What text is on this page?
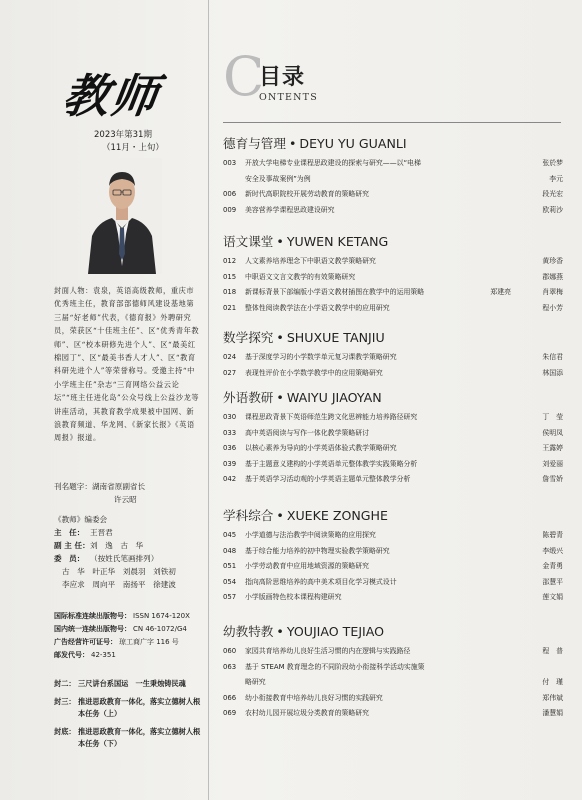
教师
2023年第31期
（11月・上旬）
封面人物：袁泉，英语高级教师，重庆市优秀班主任，教育部部德师风建设基地第三届“好老师”代表，《德育报》外聘研究员，荣获区“十佳班主任”、区“优秀青年教师”、区“校本研修先进个人”、区“最美红棉园丁”、区“最美书香人才人”、区“教育科研先进个人”等荣誉称号。受邀主持“中小学班主任”杂志“三育网络公益云论坛”“班主任进化岛”公众号线上公益沙龙等讲座活动，其教育教学成果被中国网、新浪教育频道、华龙网、《新家长报》《英语周报》报道。
刊名题字：湖南省原副省长
许云昭
《教师》编委会
主　任： 王晋君
副 主 任： 刘　逸　古　华
委　员： （按姓氏笔画排列）
古　华　叶正华　刘晨羽　刘铁初
李应求　周向平　南扬平　徐建波
国际标准连续出版物号： ISSN 1674-120X
国内统一连续出版物号： CN 46-1072/G4
广告经营许可证号： 琼工商广字 116 号
邮发代号： 42-351
封二： 三尺讲台系国运　一生秉烛铸民魂
封三： 推进思政教育一体化，落实立德树人根本任务（上）
封底： 推进思政教育一体化，落实立德树人根本任务（下）
C
目录
ONTENTS
德育与管理 • DEYU YU GUANLI
003	开放大学电梯专业课程思政建设的探索与研究——以“电梯	张於梦
安全及事故案例”为例	李元
006	新时代高职院校开展劳动教育的策略研究	段光宏
009	美容营养学课程思政建设研究	欧莉沙
语文课堂 • YUWEN KETANG
012	人文素养培养理念下中职语文教学策略研究	黄珍香
015	中职语文文言文教学的有效策略研究	郡娜燕
018	新课标背景下部编版小学语文教材插图在教学中的运用策略	郑建亮	肖翠梅
021	整体性阅读教学法在小学语文教学中的应用研究	程小芳
数学探究 • SHUXUE TANJIU
024	基于深度学习的小学数学单元复习课教学策略研究	朱信君
027	表现性评价在小学数学教学中的应用策略研究	林国添
外语教研 • WAIYU JIAOYAN
030	课程思政背景下英语师范生跨文化思辨能力培养路径研究	丁　莹
033	高中英语阅读与写作一体化教学策略研讨	侯明凤
036	以核心素养为导向的小学英语体验式教学策略研究	王露婷
039	基于主题意义建构的小学英语单元整体教学实践策略分析	刘爱丽
042	基于英语学习活动观的小学英语主题单元整体教学分析	詹雪娇
学科综合 • XUEKE ZONGHE
045	小学道德与法治教学中阅读策略的应用探究	陈碧青
048	基于综合能力培养的初中物理实验教学策略研究	李缎兴
051	小学劳动教育中应用地域资源的策略研究	金青勇
054	指向高阶思维培养的高中美术项目化学习模式设计	邵慧平
057	小学版画特色校本课程构建研究	莲文娟
幼教特教 • YOUJIAO TEJIAO
060	家园共育培养幼儿良好生活习惯的内在逻辑与实践路径	程　普
063	基于 STEAM 教育理念的不同阶段幼小衔接科学活动实施策
略研究	付　瑾
066	幼小衔接教育中培养幼儿良好习惯的实践研究	郑伟斌
069	农村幼儿园开展垃圾分类教育的策略研究	潘慧娟
